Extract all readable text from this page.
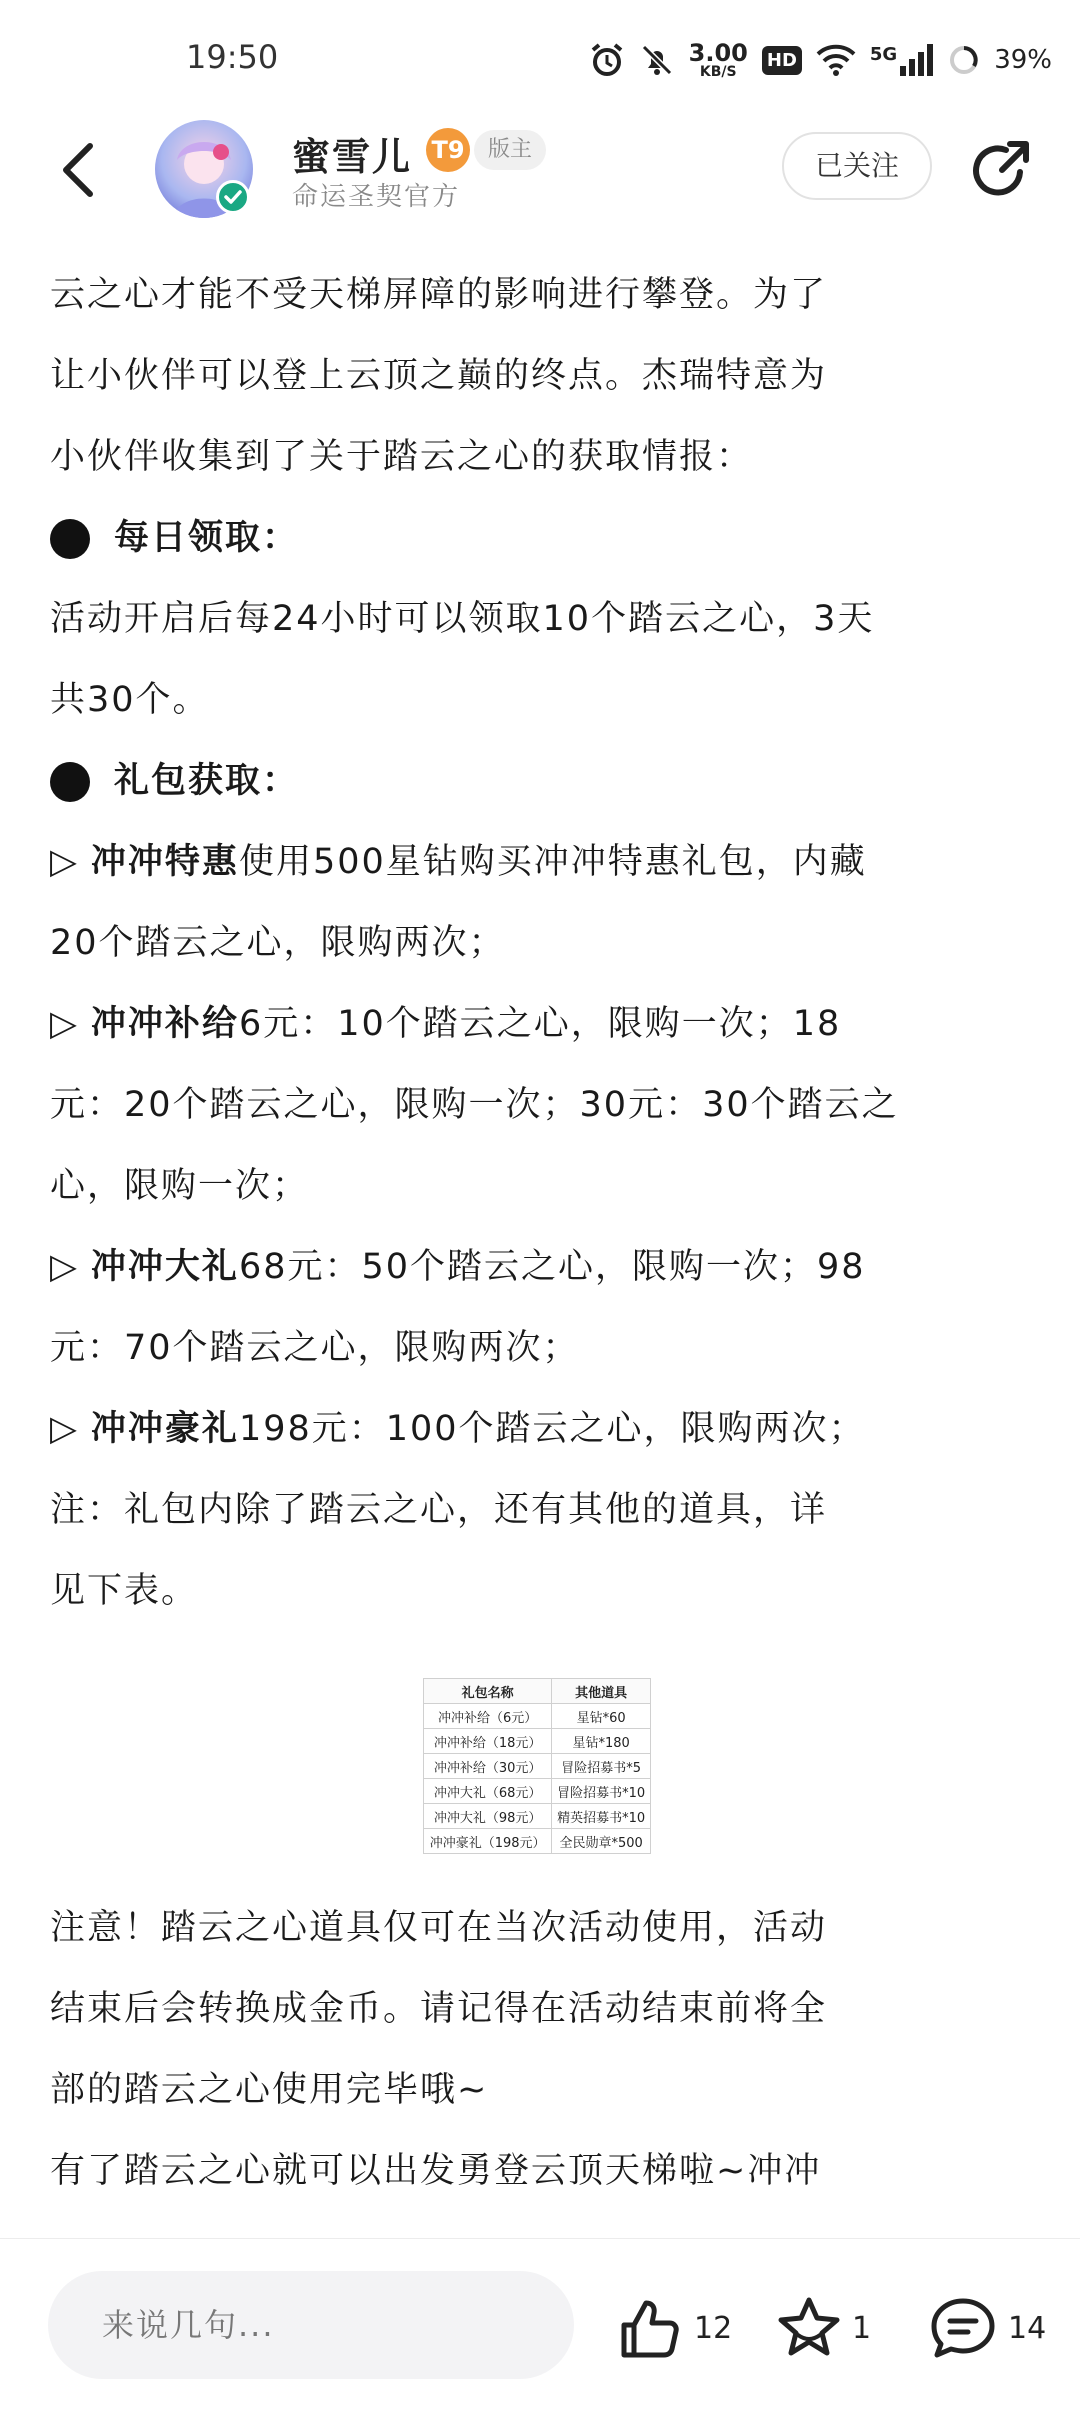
19:50	3.00
KB/S
HD	5G	39%
蜜雪儿 T9	版主
命运圣契官方
已关注

云之心才能不受天梯屏障的影响进行攀登。为了

让小伙伴可以登上云顶之巅的终点。杰瑞特意为

小伙伴收集到了关于踏云之心的获取情报：

每日领取：

活动开启后每24小时可以领取10个踏云之心，3天

共30个。

礼包获取：

▷ 冲冲特惠使用500星钻购买冲冲特惠礼包，内藏

20个踏云之心，限购两次；

▷ 冲冲补给6元：10个踏云之心，限购一次；18

元：20个踏云之心，限购一次；30元：30个踏云之

心，限购一次；

▷ 冲冲大礼68元：50个踏云之心，限购一次；98

元：70个踏云之心，限购两次；

▷ 冲冲豪礼198元：100个踏云之心，限购两次；

注：礼包内除了踏云之心，还有其他的道具，详

见下表。

礼包名称	其他道具
冲冲补给（6元）	星钻*60
冲冲补给（18元）	星钻*180
冲冲补给（30元）	冒险招募书*5
冲冲大礼（68元）	冒险招募书*10
冲冲大礼（98元）	精英招募书*10
冲冲豪礼（198元）	全民勋章*500

注意！踏云之心道具仅可在当次活动使用，活动

结束后会转换成金币。请记得在活动结束前将全

部的踏云之心使用完毕哦~

有了踏云之心就可以出发勇登云顶天梯啦~冲冲

来说几句...	12	1	14
